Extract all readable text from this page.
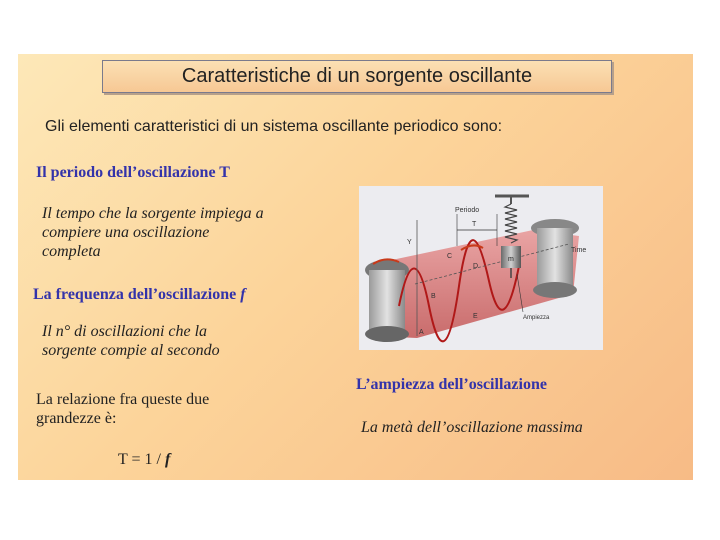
Caratteristiche di un sorgente oscillante
Gli elementi caratteristici di un sistema oscillante periodico sono:
Il periodo dell’oscillazione T
Il tempo che la sorgente impiega a
compiere una oscillazione
completa
La frequenza dell’oscillazione f
Il n° di oscillazioni che la
sorgente compie al secondo
La relazione fra queste due
grandezze è:
T = 1 / f
Periodo
T
Time
Ampiezza
Y
B
C
D
E
A
m
L’ampiezza dell’oscillazione
La metà dell’oscillazione massima
